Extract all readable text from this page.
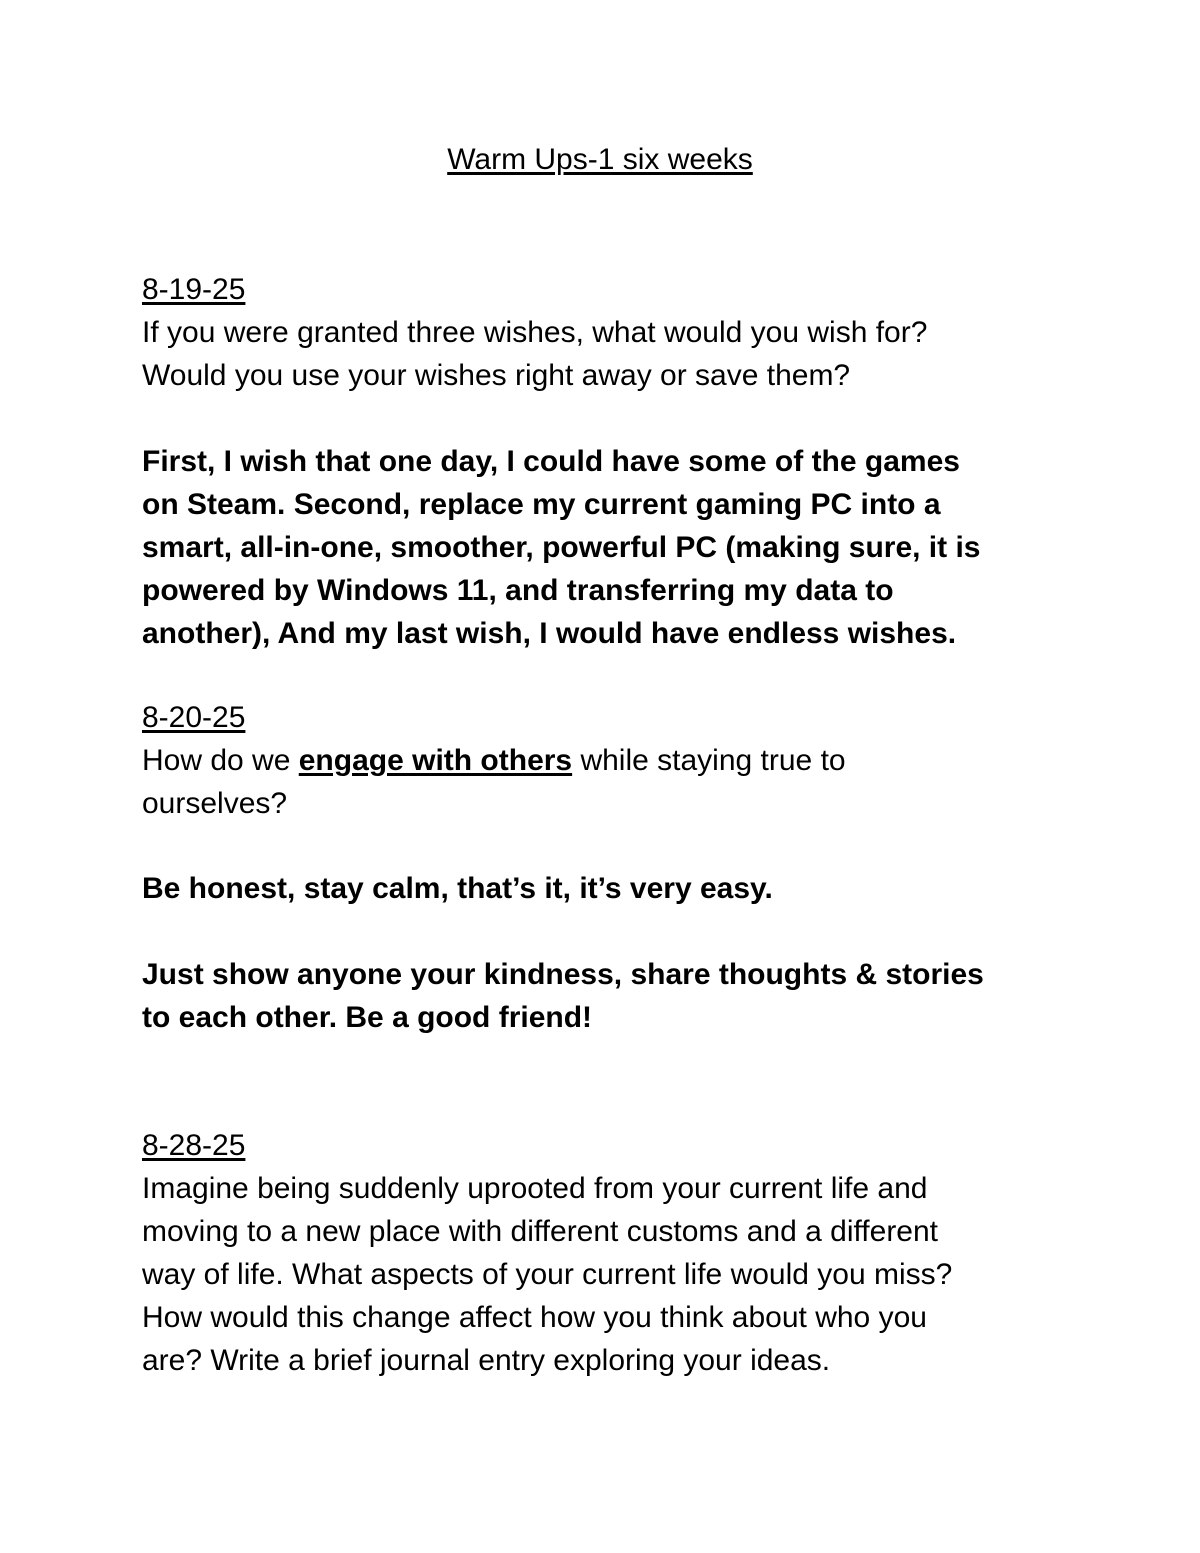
Warm Ups-1 six weeks
8-19-25
If you were granted three wishes, what would you wish for?
Would you use your wishes right away or save them?
First, I wish that one day, I could have some of the games
on Steam. Second, replace my current gaming PC into a
smart, all-in-one, smoother, powerful PC (making sure, it is
powered by Windows 11, and transferring my data to
another), And my last wish, I would have endless wishes.
8-20-25
How do we engage with others while staying true to
ourselves?
Be honest, stay calm, that’s it, it’s very easy.
Just show anyone your kindness, share thoughts & stories
to each other. Be a good friend!
8-28-25
Imagine being suddenly uprooted from your current life and
moving to a new place with different customs and a different
way of life. What aspects of your current life would you miss?
How would this change affect how you think about who you
are? Write a brief journal entry exploring your ideas.
